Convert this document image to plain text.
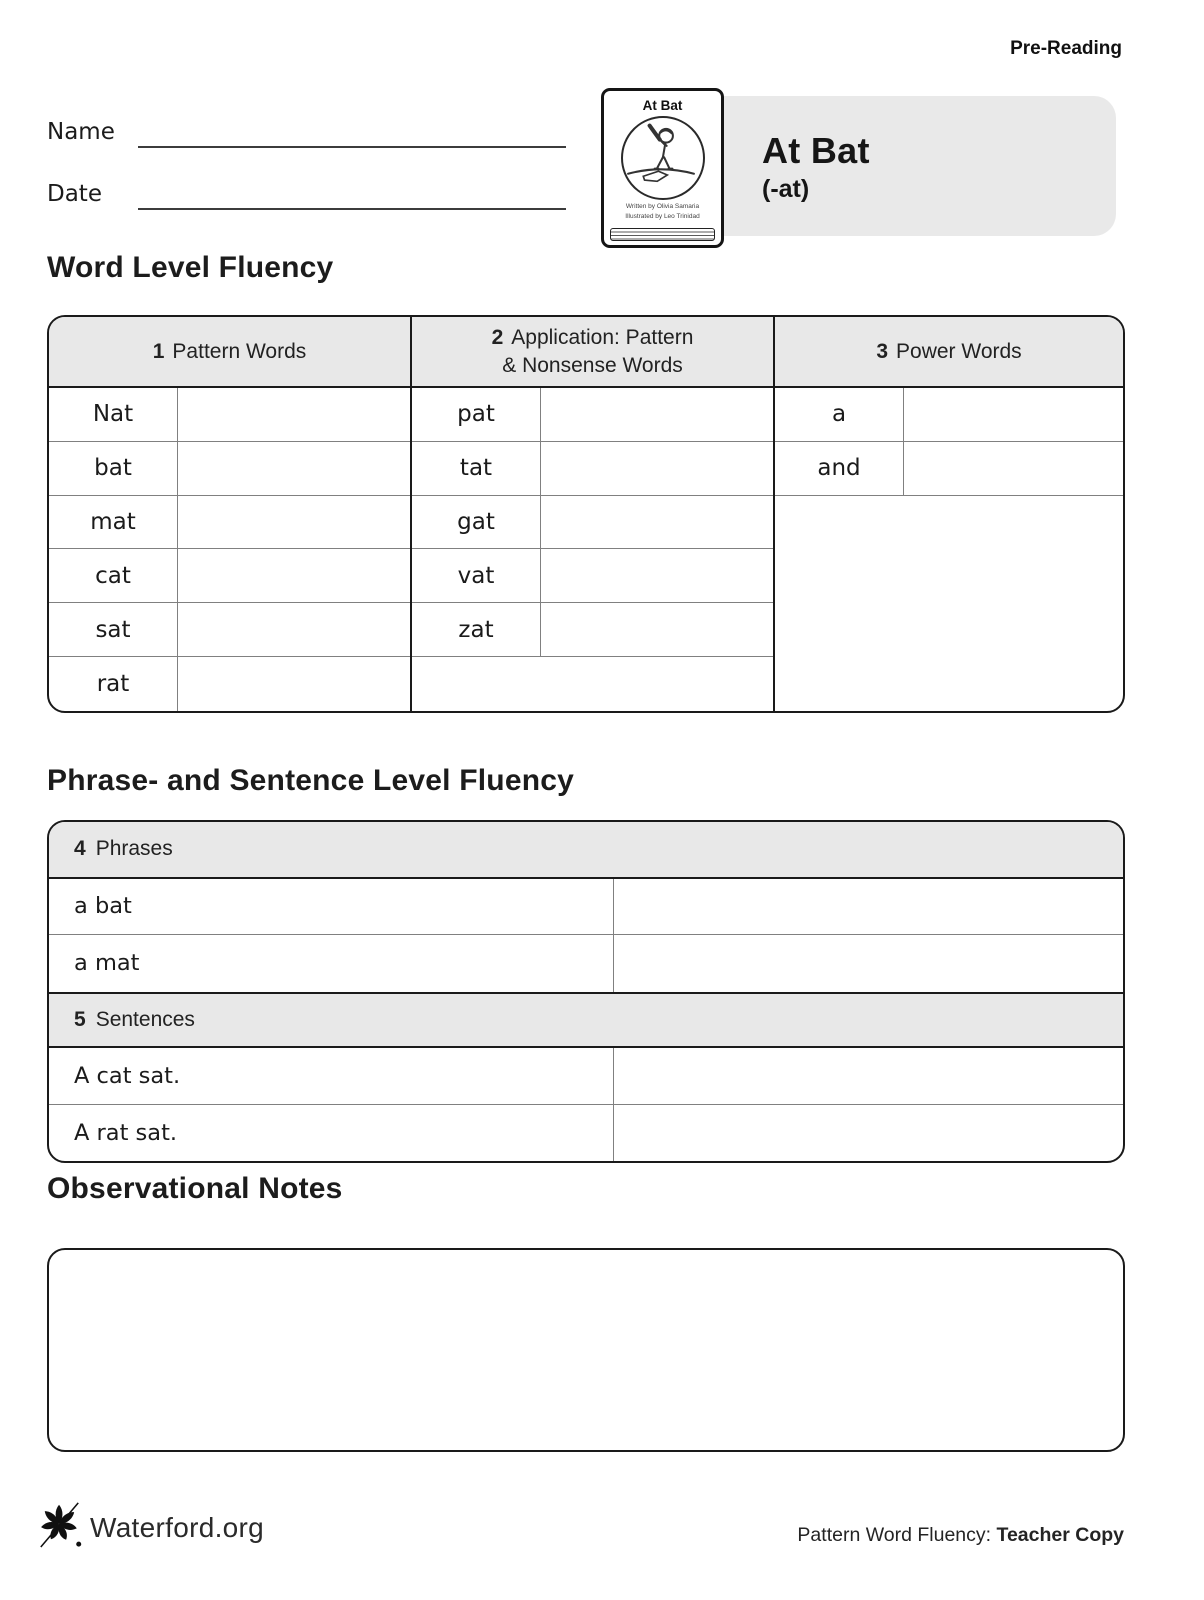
Pre-Reading
Name
Date
At Bat
Written by Olivia Samaria
Illustrated by Leo Trinidad
At Bat
(-at)
Word Level Fluency
1 Pattern Words
Nat
bat
mat
cat
sat
rat
2 Application: Pattern
& Nonsense Words
pat
tat
gat
vat
zat
3 Power Words
a
and
Phrase- and Sentence Level Fluency
4 Phrases
a bat
a mat
5 Sentences
A cat sat.
A rat sat.
Observational Notes
Waterford.org	Pattern Word Fluency: Teacher Copy
